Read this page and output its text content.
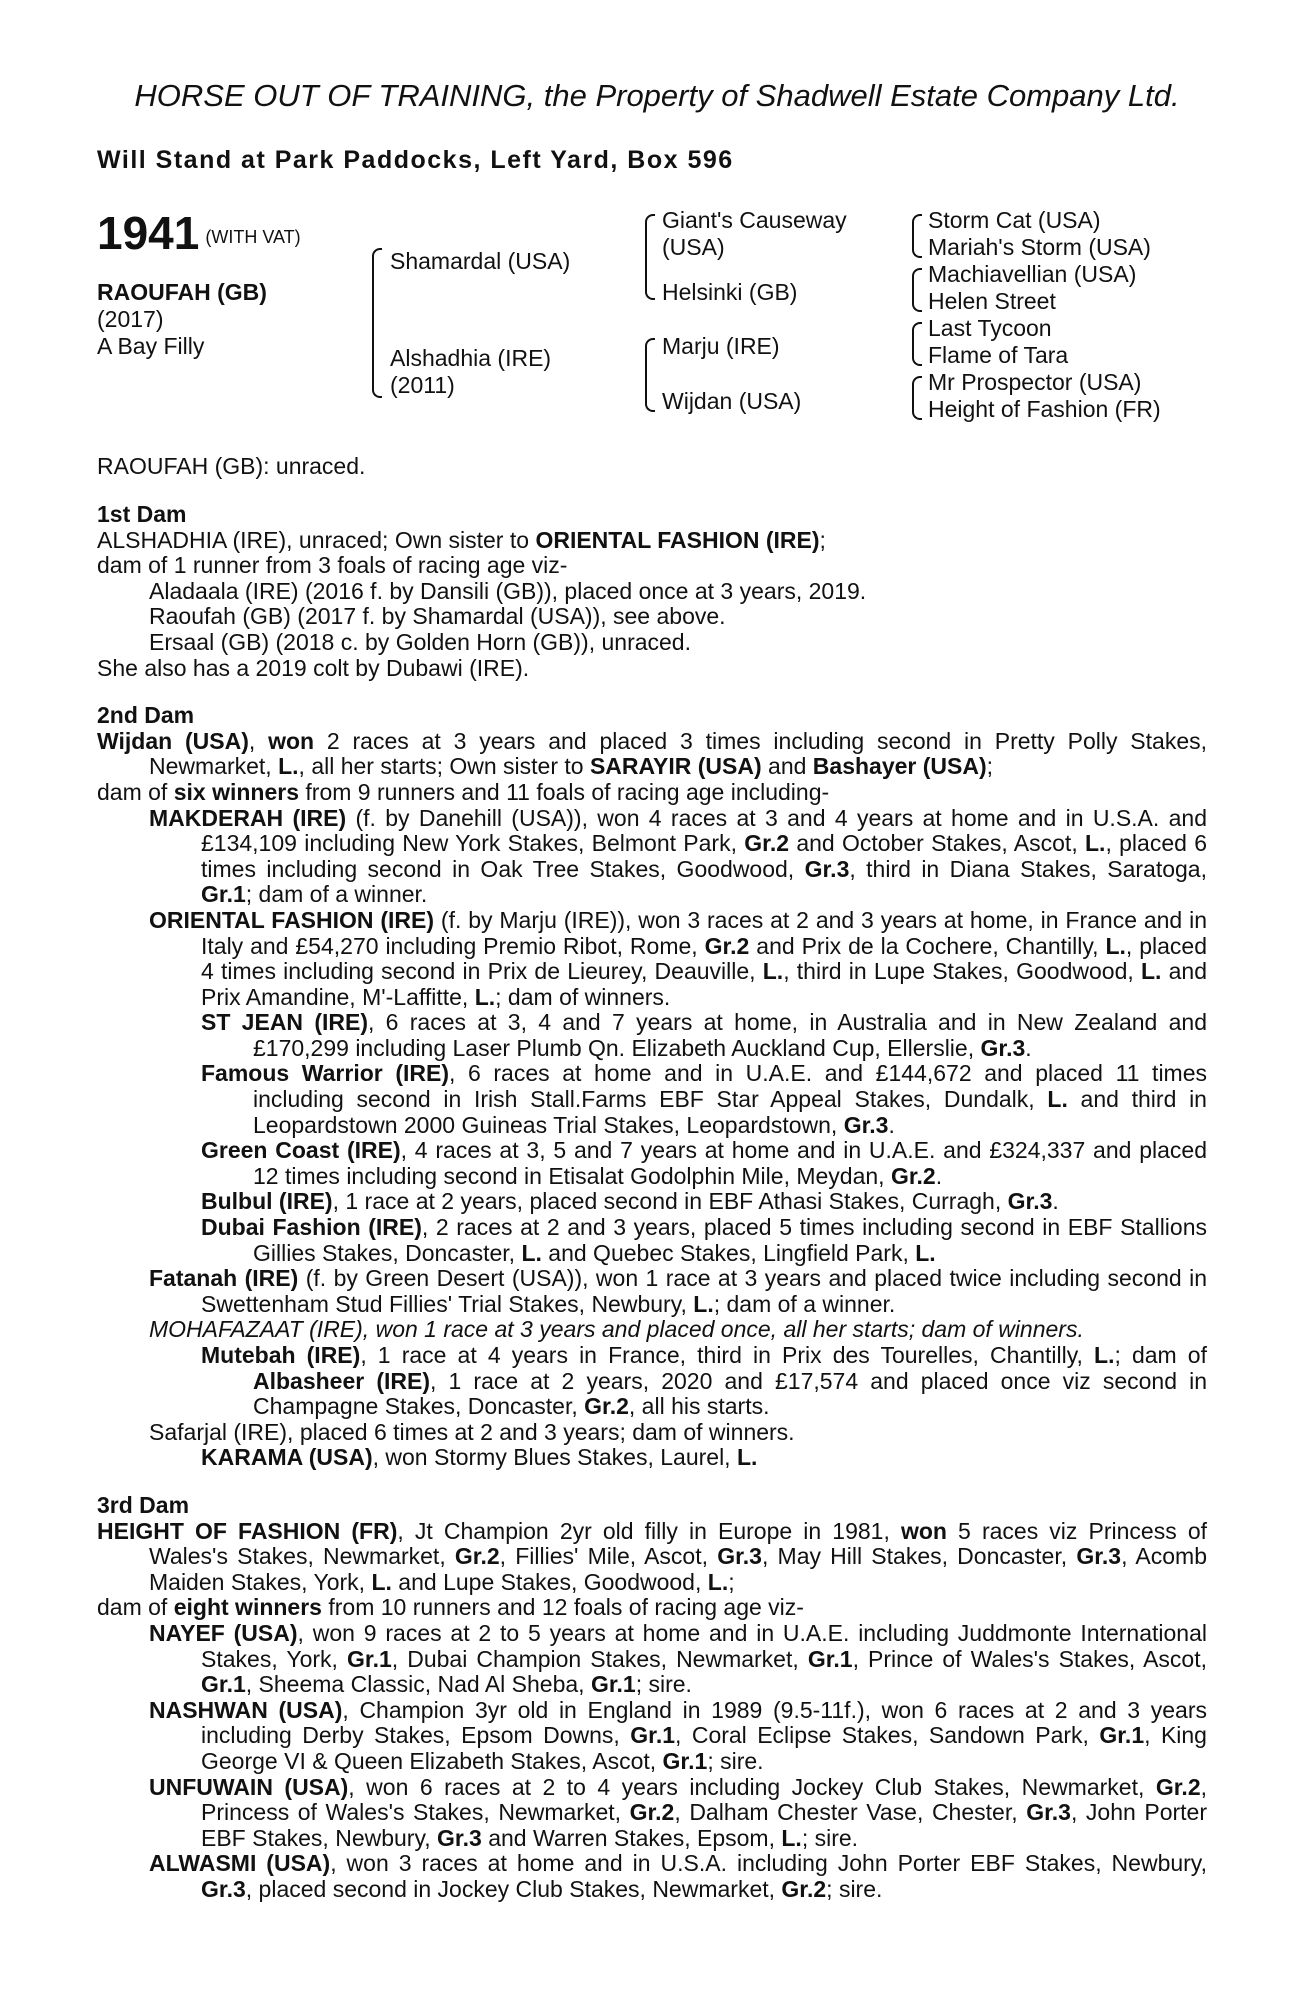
HORSE OUT OF TRAINING, the Property of Shadwell Estate Company Ltd.
Will Stand at Park Paddocks, Left Yard, Box 596
1941 (WITH VAT)
RAOUFAH (GB)
(2017)
A Bay Filly
Shamardal (USA)
Alshadhia (IRE)
(2011)
Giant's Causeway
(USA)
Helsinki (GB)
Marju (IRE)
Wijdan (USA)
Storm Cat (USA)
Mariah's Storm (USA)
Machiavellian (USA)
Helen Street
Last Tycoon
Flame of Tara
Mr Prospector (USA)
Height of Fashion (FR)
RAOUFAH (GB): unraced.
1st Dam
ALSHADHIA (IRE), unraced; Own sister to ORIENTAL FASHION (IRE);
dam of 1 runner from 3 foals of racing age viz-
Aladaala (IRE) (2016 f. by Dansili (GB)), placed once at 3 years, 2019.
Raoufah (GB) (2017 f. by Shamardal (USA)), see above.
Ersaal (GB) (2018 c. by Golden Horn (GB)), unraced.
She also has a 2019 colt by Dubawi (IRE).
2nd Dam
Wijdan (USA), won 2 races at 3 years and placed 3 times including second in Pretty Polly Stakes, Newmarket, L., all her starts; Own sister to SARAYIR (USA) and Bashayer (USA);
dam of six winners from 9 runners and 11 foals of racing age including-
MAKDERAH (IRE) (f. by Danehill (USA)), won 4 races at 3 and 4 years at home and in U.S.A. and £134,109 including New York Stakes, Belmont Park, Gr.2 and October Stakes, Ascot, L., placed 6 times including second in Oak Tree Stakes, Goodwood, Gr.3, third in Diana Stakes, Saratoga, Gr.1; dam of a winner.
ORIENTAL FASHION (IRE) (f. by Marju (IRE)), won 3 races at 2 and 3 years at home, in France and in Italy and £54,270 including Premio Ribot, Rome, Gr.2 and Prix de la Cochere, Chantilly, L., placed 4 times including second in Prix de Lieurey, Deauville, L., third in Lupe Stakes, Goodwood, L. and Prix Amandine, M'-Laffitte, L.; dam of winners.
ST JEAN (IRE), 6 races at 3, 4 and 7 years at home, in Australia and in New Zealand and £170,299 including Laser Plumb Qn. Elizabeth Auckland Cup, Ellerslie, Gr.3.
Famous Warrior (IRE), 6 races at home and in U.A.E. and £144,672 and placed 11 times including second in Irish Stall.Farms EBF Star Appeal Stakes, Dundalk, L. and third in Leopardstown 2000 Guineas Trial Stakes, Leopardstown, Gr.3.
Green Coast (IRE), 4 races at 3, 5 and 7 years at home and in U.A.E. and £324,337 and placed 12 times including second in Etisalat Godolphin Mile, Meydan, Gr.2.
Bulbul (IRE), 1 race at 2 years, placed second in EBF Athasi Stakes, Curragh, Gr.3.
Dubai Fashion (IRE), 2 races at 2 and 3 years, placed 5 times including second in EBF Stallions Gillies Stakes, Doncaster, L. and Quebec Stakes, Lingfield Park, L.
Fatanah (IRE) (f. by Green Desert (USA)), won 1 race at 3 years and placed twice including second in Swettenham Stud Fillies' Trial Stakes, Newbury, L.; dam of a winner.
MOHAFAZAAT (IRE), won 1 race at 3 years and placed once, all her starts; dam of winners.
Mutebah (IRE), 1 race at 4 years in France, third in Prix des Tourelles, Chantilly, L.; dam of Albasheer (IRE), 1 race at 2 years, 2020 and £17,574 and placed once viz second in Champagne Stakes, Doncaster, Gr.2, all his starts.
Safarjal (IRE), placed 6 times at 2 and 3 years; dam of winners.
KARAMA (USA), won Stormy Blues Stakes, Laurel, L.
3rd Dam
HEIGHT OF FASHION (FR), Jt Champion 2yr old filly in Europe in 1981, won 5 races viz Princess of Wales's Stakes, Newmarket, Gr.2, Fillies' Mile, Ascot, Gr.3, May Hill Stakes, Doncaster, Gr.3, Acomb Maiden Stakes, York, L. and Lupe Stakes, Goodwood, L.;
dam of eight winners from 10 runners and 12 foals of racing age viz-
NAYEF (USA), won 9 races at 2 to 5 years at home and in U.A.E. including Juddmonte International Stakes, York, Gr.1, Dubai Champion Stakes, Newmarket, Gr.1, Prince of Wales's Stakes, Ascot, Gr.1, Sheema Classic, Nad Al Sheba, Gr.1; sire.
NASHWAN (USA), Champion 3yr old in England in 1989 (9.5-11f.), won 6 races at 2 and 3 years including Derby Stakes, Epsom Downs, Gr.1, Coral Eclipse Stakes, Sandown Park, Gr.1, King George VI & Queen Elizabeth Stakes, Ascot, Gr.1; sire.
UNFUWAIN (USA), won 6 races at 2 to 4 years including Jockey Club Stakes, Newmarket, Gr.2, Princess of Wales's Stakes, Newmarket, Gr.2, Dalham Chester Vase, Chester, Gr.3, John Porter EBF Stakes, Newbury, Gr.3 and Warren Stakes, Epsom, L.; sire.
ALWASMI (USA), won 3 races at home and in U.S.A. including John Porter EBF Stakes, Newbury, Gr.3, placed second in Jockey Club Stakes, Newmarket, Gr.2; sire.
